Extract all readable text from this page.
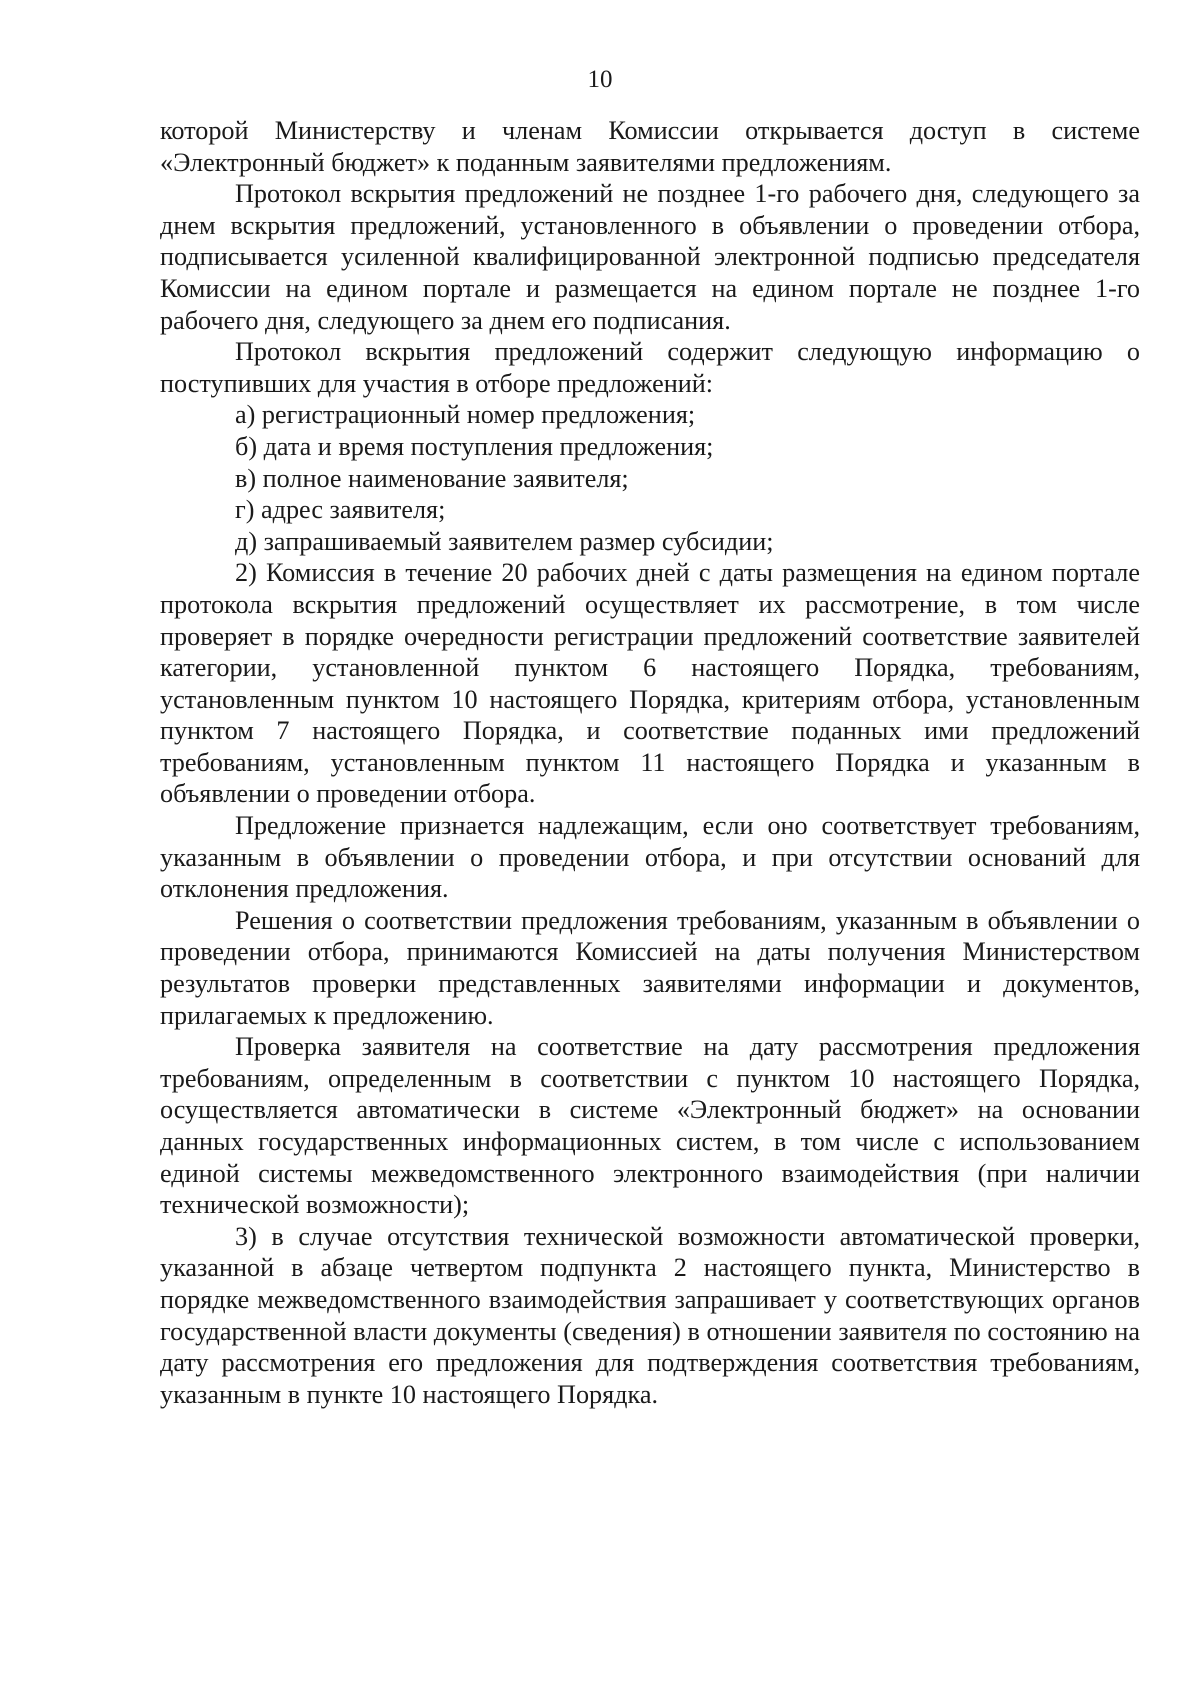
10

которой Министерству и членам Комиссии открывается доступ в системе «Электронный бюджет» к поданным заявителями предложениям.

Протокол вскрытия предложений не позднее 1-го рабочего дня, следующего за днем вскрытия предложений, установленного в объявлении о проведении отбора, подписывается усиленной квалифицированной электронной подписью председателя Комиссии на едином портале и размещается на едином портале не позднее 1-го рабочего дня, следующего за днем его подписания.

Протокол вскрытия предложений содержит следующую информацию о поступивших для участия в отборе предложений:

а) регистрационный номер предложения;

б) дата и время поступления предложения;

в) полное наименование заявителя;

г) адрес заявителя;

д) запрашиваемый заявителем размер субсидии;

2) Комиссия в течение 20 рабочих дней с даты размещения на едином портале протокола вскрытия предложений осуществляет их рассмотрение, в том числе проверяет в порядке очередности регистрации предложений соответствие заявителей категории, установленной пунктом 6 настоящего Порядка, требованиям, установленным пунктом 10 настоящего Порядка, критериям отбора, установленным пунктом 7 настоящего Порядка, и соответствие поданных ими предложений требованиям, установленным пунктом 11 настоящего Порядка и указанным в объявлении о проведении отбора.

Предложение признается надлежащим, если оно соответствует требованиям, указанным в объявлении о проведении отбора, и при отсутствии оснований для отклонения предложения.

Решения о соответствии предложения требованиям, указанным в объявлении о проведении отбора, принимаются Комиссией на даты получения Министерством результатов проверки представленных заявителями информации и документов, прилагаемых к предложению.

Проверка заявителя на соответствие на дату рассмотрения предложения требованиям, определенным в соответствии с пунктом 10 настоящего Порядка, осуществляется автоматически в системе «Электронный бюджет» на основании данных государственных информационных систем, в том числе с использованием единой системы межведомственного электронного взаимодействия (при наличии технической возможности);

3) в случае отсутствия технической возможности автоматической проверки, указанной в абзаце четвертом подпункта 2 настоящего пункта, Министерство в порядке межведомственного взаимодействия запрашивает у соответствующих органов государственной власти документы (сведения) в отношении заявителя по состоянию на дату рассмотрения его предложения для подтверждения соответствия требованиям, указанным в пункте 10 настоящего Порядка.
